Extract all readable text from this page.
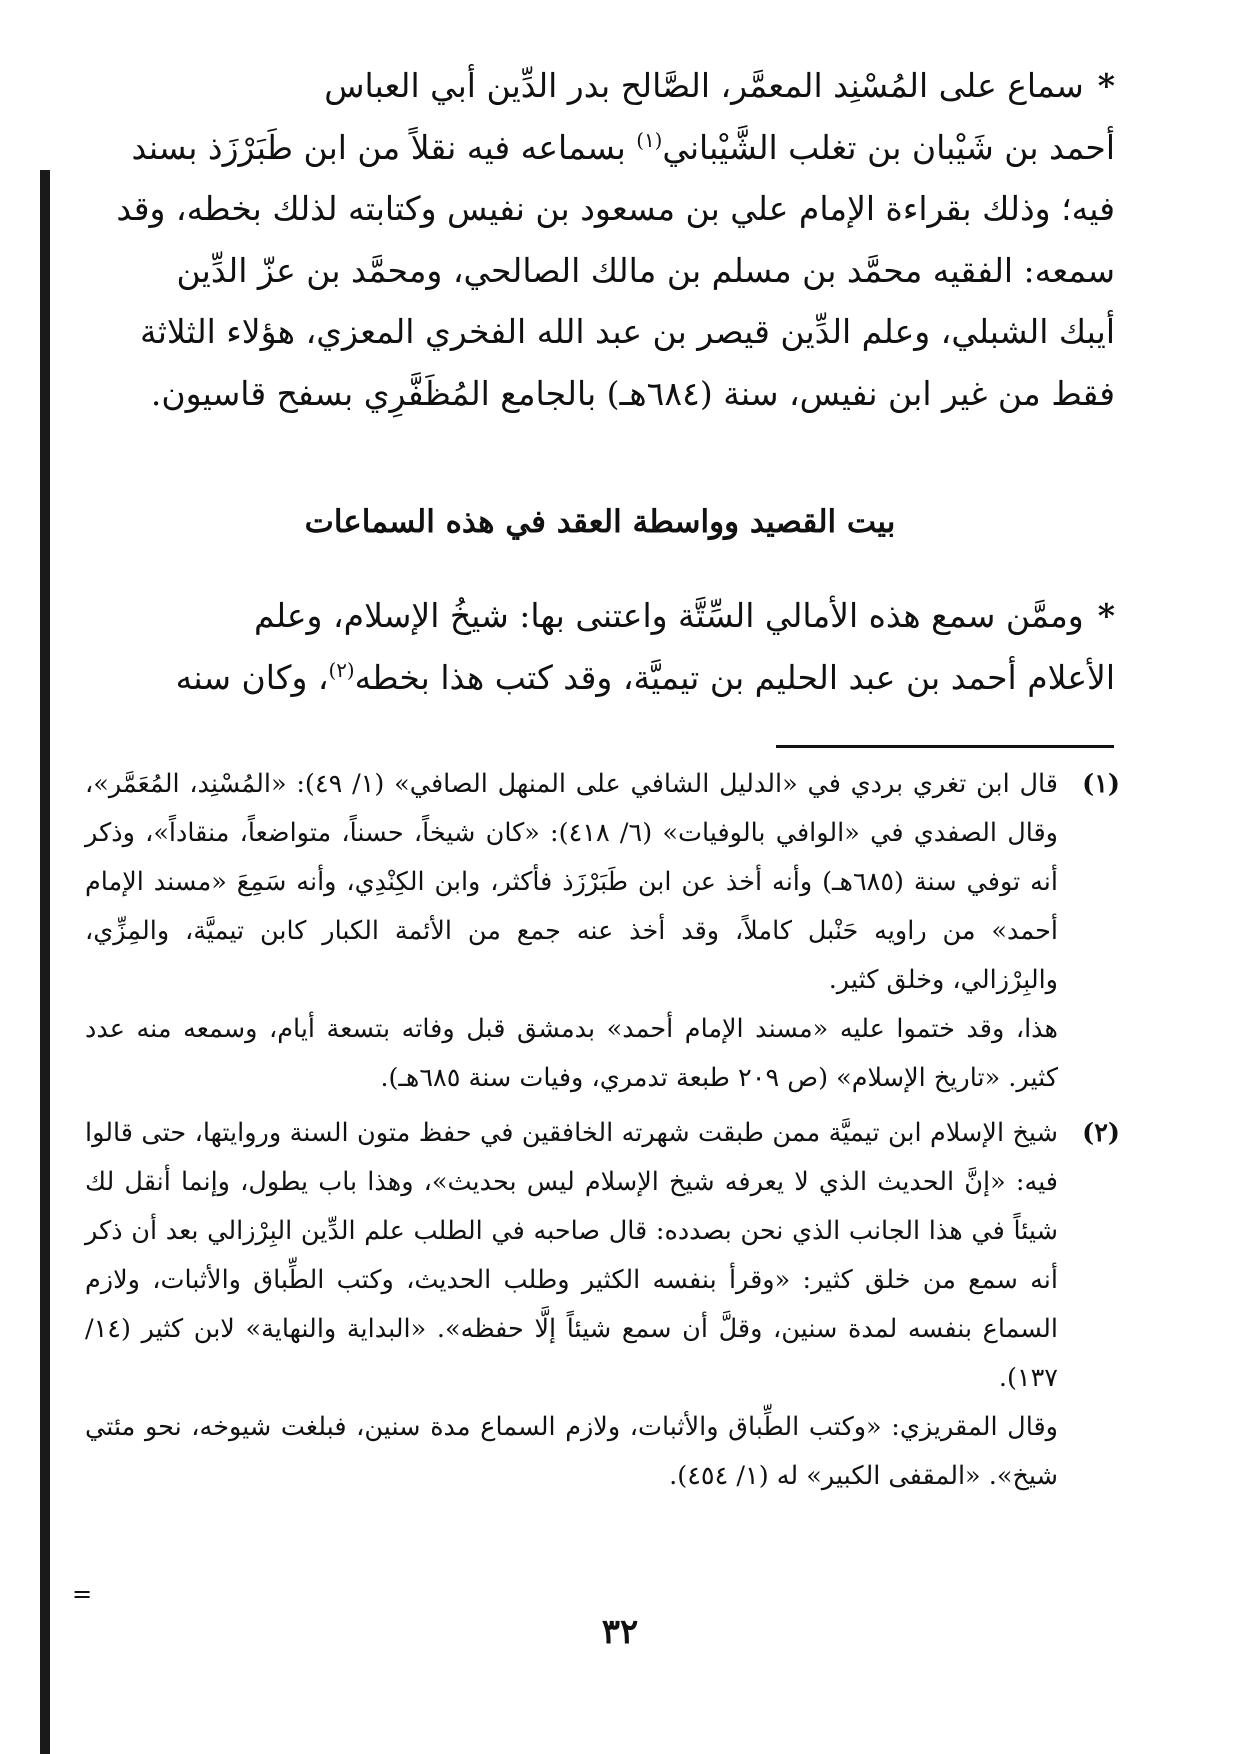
*سماع على المُسْنِد المعمَّر، الصَّالح بدر الدِّين أبي العباس

أحمد بن شَيْبان بن تغلب الشَّيْباني$^{(١)}$ بسماعه فيه نقلاً من ابن طَبَرْزَذ بسند

فيه؛ وذلك بقراءة الإمام علي بن مسعود بن نفيس وكتابته لذلك بخطه، وقد

سمعه: الفقيه محمَّد بن مسلم بن مالك الصالحي، ومحمَّد بن عزّ الدِّين

أيبك الشبلي، وعلم الدِّين قيصر بن عبد الله الفخري المعزي، هؤلاء الثلاثة

فقط من غير ابن نفيس، سنة (٦٨٤هـ) بالجامع المُظَفَّرِي بسفح قاسيون.

بيت القصيد وواسطة العقد في هذه السماعات

*وممَّن سمع هذه الأمالي السِّتَّة واعتنى بها: شيخُ الإسلام، وعلم

الأعلام أحمد بن عبد الحليم بن تيميَّة، وقد كتب هذا بخطه$^{(٢)}$، وكان سنه

(١)

قال ابن تغري بردي في «الدليل الشافي على المنهل الصافي» (١/ ٤٩): «المُسْنِد، المُعَمَّر»، وقال الصفدي في «الوافي بالوفيات» (٦/ ٤١٨): «كان شيخاً، حسناً، متواضعاً، منقاداً»، وذكر أنه توفي سنة (٦٨٥هـ) وأنه أخذ عن ابن طَبَرْزَذ فأكثر، وابن الكِنْدِي، وأنه سَمِعَ «مسند الإمام أحمد» من راويه حَنْبل كاملاً، وقد أخذ عنه جمع من الأئمة الكبار كابن تيميَّة، والمِزِّي، والبِرْزالي، وخلق كثير.

هذا، وقد ختموا عليه «مسند الإمام أحمد» بدمشق قبل وفاته بتسعة أيام، وسمعه منه عدد كثير. «تاريخ الإسلام» (ص ٢٠٩ طبعة تدمري، وفيات سنة ٦٨٥هـ).

(٢)

شيخ الإسلام ابن تيميَّة ممن طبقت شهرته الخافقين في حفظ متون السنة وروايتها، حتى قالوا فيه: «إنَّ الحديث الذي لا يعرفه شيخ الإسلام ليس بحديث»، وهذا باب يطول، وإنما أنقل لك شيئاً في هذا الجانب الذي نحن بصدده: قال صاحبه في الطلب علم الدِّين البِرْزالي بعد أن ذكر أنه سمع من خلق كثير: «وقرأ بنفسه الكثير وطلب الحديث، وكتب الطِّباق والأثبات، ولازم السماع بنفسه لمدة سنين، وقلَّ أن سمع شيئاً إلَّا حفظه». «البداية والنهاية» لابن كثير (١٤/ ١٣٧).

وقال المقريزي: «وكتب الطِّباق والأثبات، ولازم السماع مدة سنين، فبلغت شيوخه، نحو مئتي شيخ». «المقفى الكبير» له (١/ ٤٥٤).

=
٣٢
